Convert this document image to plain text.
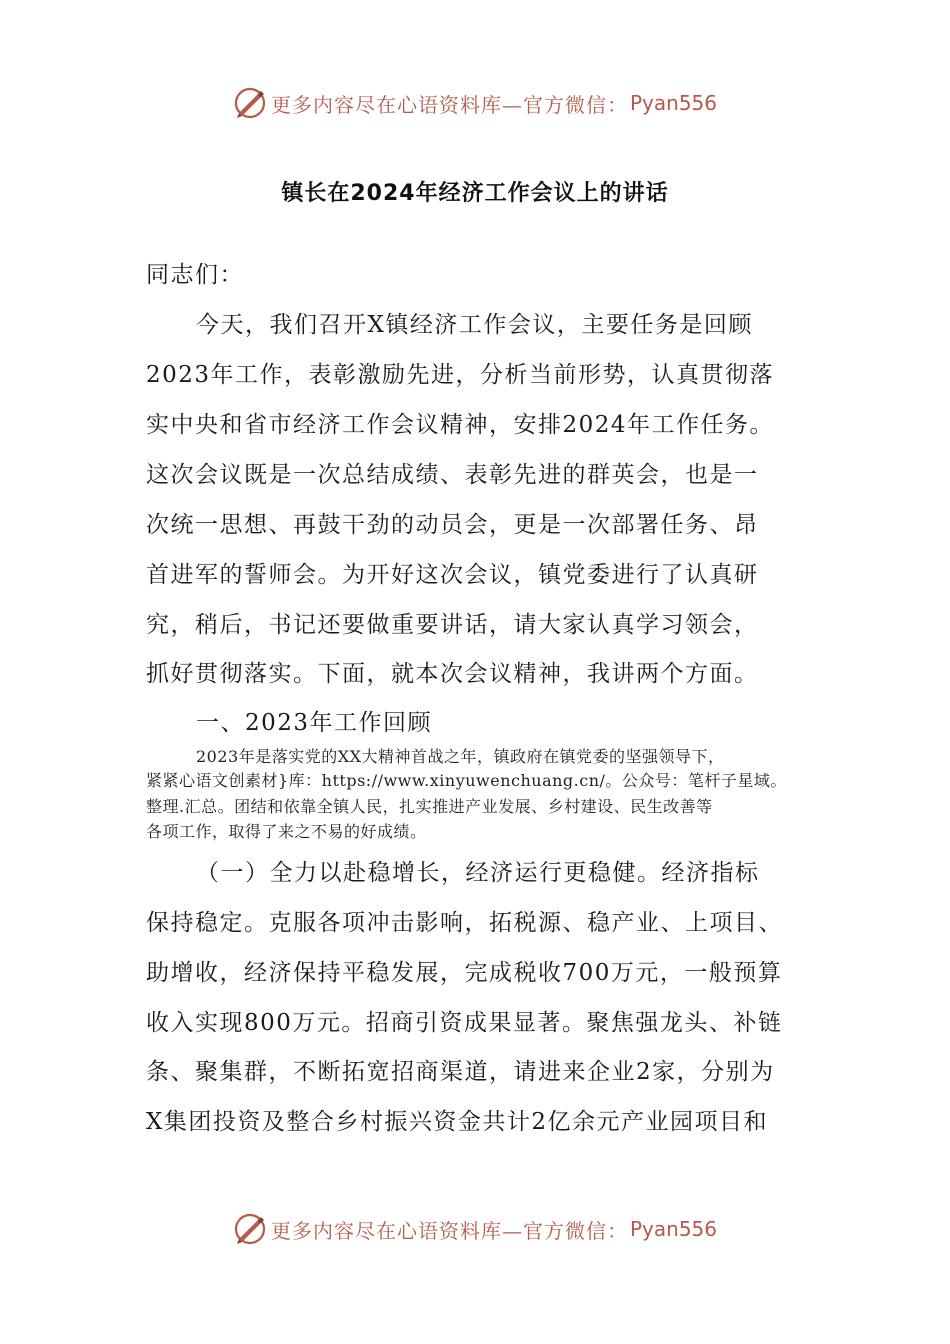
更多内容尽在心语资料库—官方微信： Pyan556
镇长在2024年经济工作会议上的讲话
同志们：
今天，我们召开X镇经济工作会议，主要任务是回顾
2023年工作，表彰激励先进，分析当前形势，认真贯彻落
实中央和省市经济工作会议精神，安排2024年工作任务。
这次会议既是一次总结成绩、表彰先进的群英会，也是一
次统一思想、再鼓干劲的动员会，更是一次部署任务、昂
首进军的誓师会。为开好这次会议，镇党委进行了认真研
究，稍后，书记还要做重要讲话，请大家认真学习领会，
抓好贯彻落实。下面，就本次会议精神，我讲两个方面。
一、2023年工作回顾
2023年是落实党的XX大精神首战之年，镇政府在镇党委的坚强领导下，
紧紧心语文创素材}库：https://www.xinyuwenchuang.cn/。公众号：笔杆子星域。
整理.汇总。团结和依靠全镇人民，扎实推进产业发展、乡村建设、民生改善等
各项工作，取得了来之不易的好成绩。
（一）全力以赴稳增长，经济运行更稳健。经济指标
保持稳定。克服各项冲击影响，拓税源、稳产业、上项目、
助增收，经济保持平稳发展，完成税收700万元，一般预算
收入实现800万元。招商引资成果显著。聚焦强龙头、补链
条、聚集群，不断拓宽招商渠道，请进来企业2家，分别为
X集团投资及整合乡村振兴资金共计2亿余元产业园项目和
更多内容尽在心语资料库—官方微信： Pyan556
